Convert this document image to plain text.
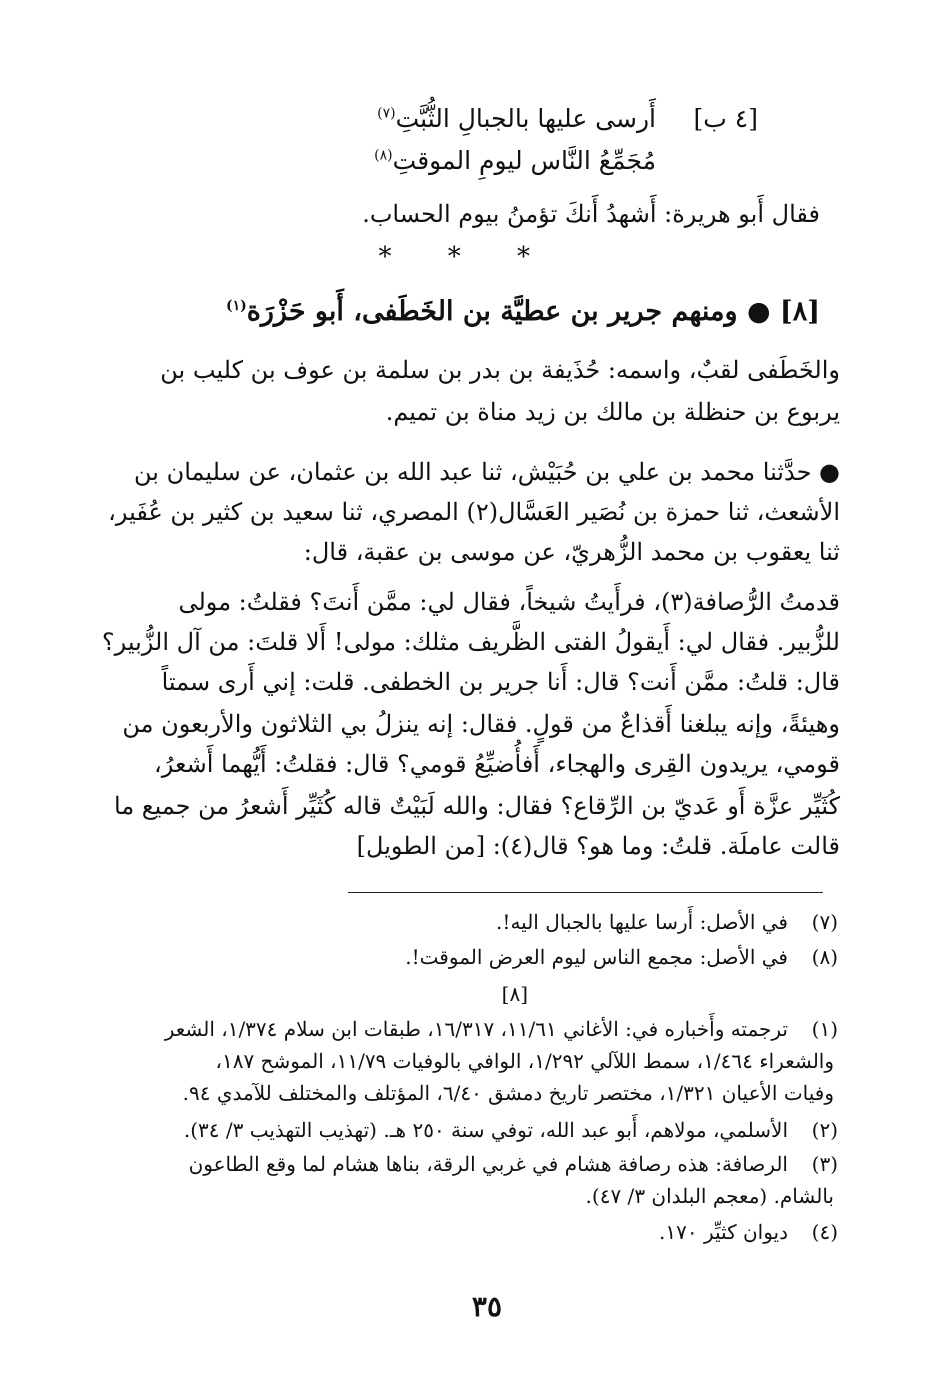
[٤ ب]
أَرسى عليها بالجبالِ الثُّبَّتِ$^{(٧)}$
مُجَمِّعُ النَّاس ليومِ الموقتِ$^{(٨)}$
فقال أَبو هريرة: أَشهدُ أَنكَ تؤمنُ بيوم الحساب.
* * *
[٨] ● ومنهم جرير بن عطيَّة بن الخَطَفى، أَبو حَزْرَة$^{(١)}$
والخَطَفى لقبٌ، واسمه: حُذَيفة بن بدر بن سلمة بن عوف بن كليب بن
يربوع بن حنظلة بن مالك بن زيد مناة بن تميم.
● حدَّثنا محمد بن علي بن حُبَيْش، ثنا عبد الله بن عثمان، عن سليمان بن
الأشعث، ثنا حمزة بن نُصَير العَسَّال(٢) المصري، ثنا سعيد بن كثير بن عُفَير،
ثنا يعقوب بن محمد الزُّهريّ، عن موسى بن عقبة، قال:
قدمتُ الرُّصافة(٣)، فرأَيتُ شيخاً، فقال لي: ممَّن أَنتَ؟ فقلتُ: مولى
للزُّبير. فقال لي: أَيقولُ الفتى الظَّريف مثلك: مولى! أَلا قلتَ: من آل الزُّبير؟
قال: قلتُ: ممَّن أَنت؟ قال: أَنا جرير بن الخطفى. قلت: إني أَرى سمتاً
وهيئةً، وإنه يبلغنا أَقذاعٌ من قولٍ. فقال: إنه ينزلُ بي الثلاثون والأربعون من
قومي، يريدون القِرى والهجاء، أَفأُضيِّعُ قومي؟ قال: فقلتُ: أَيُّهما أَشعرُ،
كُثَيِّر عزَّة أَو عَديّ بن الرِّقاع؟ فقال: والله لَبَيْتٌ قاله كُثَيِّر أَشعرُ من جميع ما
قالت عاملَة. قلتُ: وما هو؟ قال(٤): [من الطويل]
(٧)
في الأصل: أَرسا عليها بالجبال اليه!.
(٨)
في الأصل: مجمع الناس ليوم العرض الموقت!.
[٨]
(١)
ترجمته وأَخباره في: الأغاني ١١/٦١، ١٦/٣١٧، طبقات ابن سلام ١/٣٧٤، الشعر
والشعراء ١/٤٦٤، سمط اللآلي ١/٢٩٢، الوافي بالوفيات ١١/٧٩، الموشح ١٨٧،
وفيات الأعيان ١/٣٢١، مختصر تاريخ دمشق ٦/٤٠، المؤتلف والمختلف للآمدي ٩٤.
(٢)
الأسلمي، مولاهم، أَبو عبد الله، توفي سنة ٢٥٠ هـ. (تهذيب التهذيب ٣/ ٣٤).
(٣)
الرصافة: هذه رصافة هشام في غربي الرقة، بناها هشام لما وقع الطاعون
بالشام. (معجم البلدان ٣/ ٤٧).
(٤)
ديوان كثيِّر ١٧٠.
٣٥
